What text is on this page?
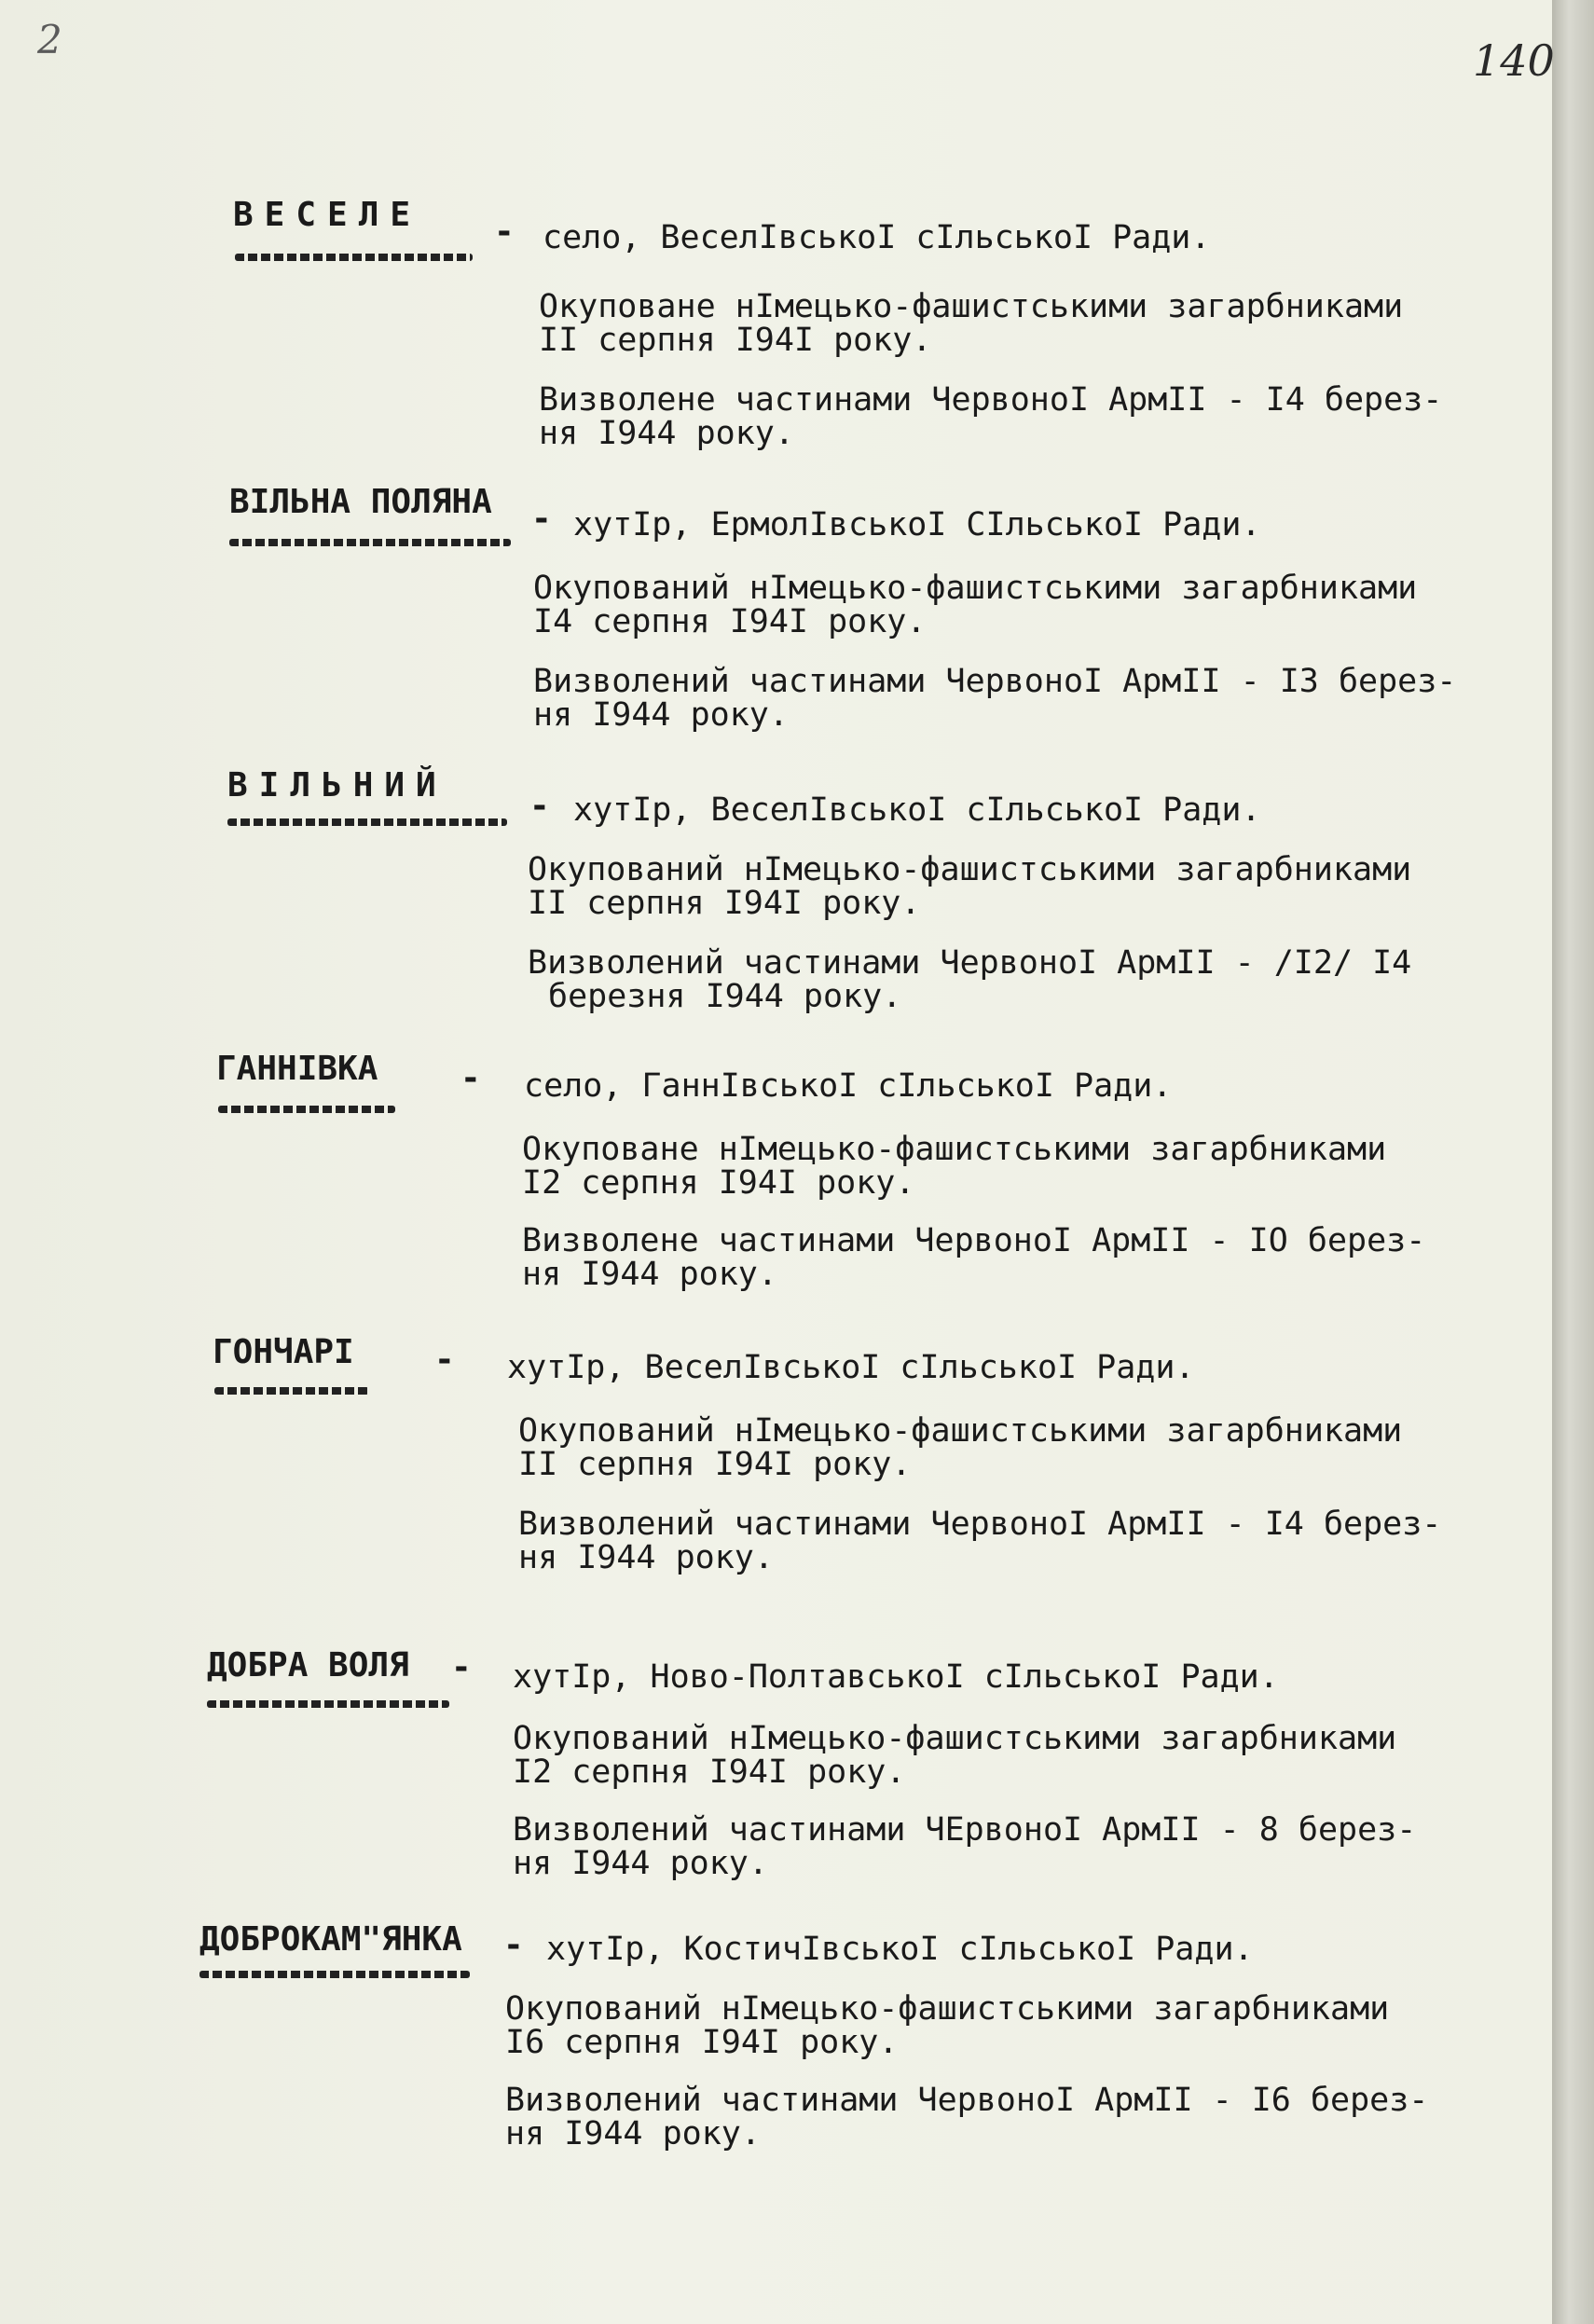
2	140
ВЕСЕЛЕ - село, ВеселІвськоІ сІльськоІ Ради.
Окуповане нІмецько-фашистськими загарбниками
ІІ серпня І94І року.
Визволене частинами ЧервоноІ АрмІІ - І4 берез-
ня І944 року.
ВІЛЬНА ПОЛЯНА - хутІр, ЕрмолІвськоІ СІльськоІ Ради.
Окупований нІмецько-фашистськими загарбниками
І4 серпня І94І року.
Визволений частинами ЧервоноІ АрмІІ - ІЗ берез-
ня І944 року.
ВІЛЬНИЙ
- хутІр, ВеселІвськоІ сІльськоІ Ради.
Окупований нІмецько-фашистськими загарбниками
ІІ серпня І94І року.
Визволений частинами ЧервоноІ АрмІІ - /І2/ І4
березня І944 року.
ГАННІВКА - село, ГаннІвськоІ сІльськоІ Ради.
Окуповане нІмецько-фашистськими загарбниками
І2 серпня І94І року.
Визволене частинами ЧервоноІ АрмІІ - ІО берез-
ня І944 року.
ГОНЧАРІ - хутІр, ВеселІвськоІ сІльськоІ Ради.
Окупований нІмецько-фашистськими загарбниками
ІІ серпня І94І року.
Визволений частинами ЧервоноІ АрмІІ - І4 берез-
ня І944 року.
ДОБРА ВОЛЯ - хутІр, Ново-ПолтавськоІ сІльськоІ Ради.
Окупований нІмецько-фашистськими загарбниками
І2 серпня І94І року.
Визволений частинами ЧЕрвоноІ АрмІІ - 8 берез-
ня І944 року.
ДОБРОКАМ"ЯНКА - хутІр, КостичІвськоІ сІльськоІ Ради.
Окупований нІмецько-фашистськими загарбниками
І6 серпня І94І року.
Визволений частинами ЧервоноІ АрмІІ - І6 берез-
ня І944 року.
